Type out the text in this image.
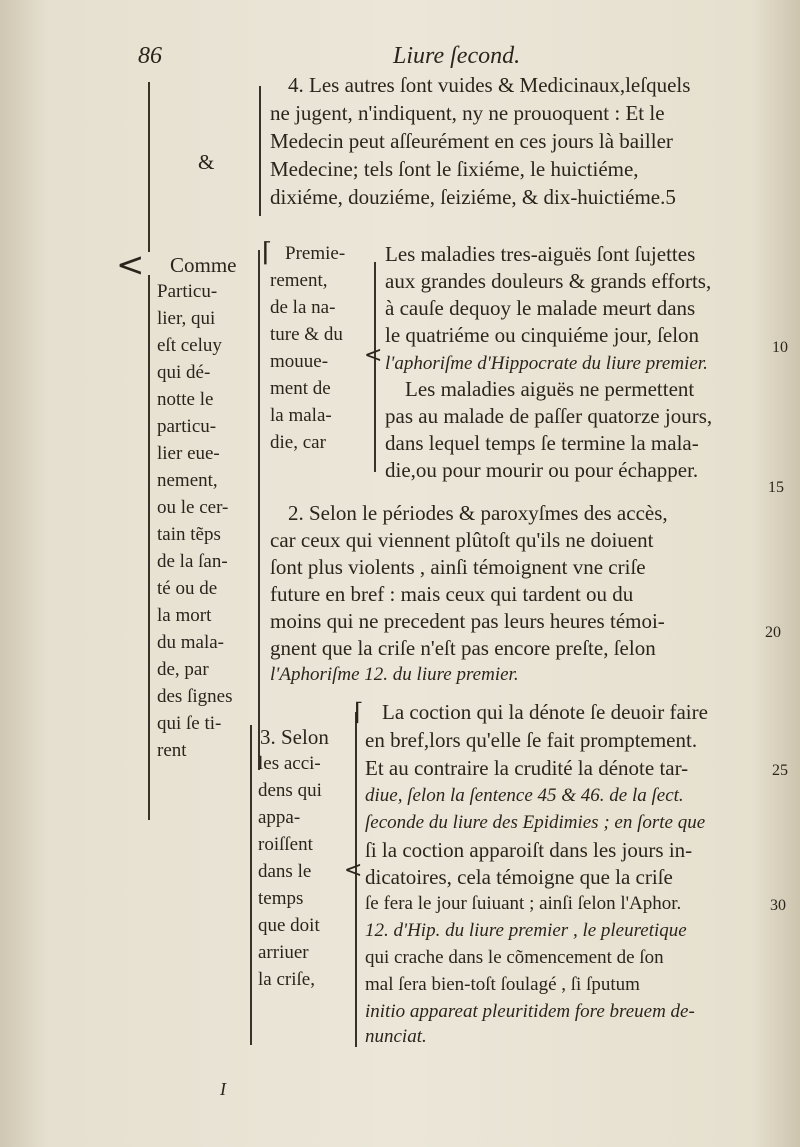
86	Liure ſecond.
<
&
4. Les autres ſont vuides & Medicinaux,leſquels
ne jugent, n'indiquent, ny ne prouoquent : Et le
Medecin peut aſſeurément en ces jours là bailler
Medecine; tels ſont le ſixiéme, le huictiéme,
dixiéme, douziéme, ſeiziéme, & dix-huictiéme.5
Comme
Particu-
lier, qui
eſt celuy
qui dé-
notte le
particu-
lier eue-
nement,
ou le cer-
tain tẽps
de la ſan-
té ou de
la mort
du mala-
de, par
des ſignes
qui ſe ti-
rent
⌈ Premie-
rement,
de la na-
ture & du
mouue-
ment de
la mala-
die, car
<
Les maladies tres-aiguës ſont ſujettes
aux grandes douleurs & grands efforts,
à cauſe dequoy le malade meurt dans
le quatriéme ou cinquiéme jour, ſelon
l'aphoriſme d'Hippocrate du liure premier.
Les maladies aiguës ne permettent
pas au malade de paſſer quatorze jours,
dans lequel temps ſe termine la mala-
die,ou pour mourir ou pour échapper.
2. Selon le périodes & paroxyſmes des accès,
car ceux qui viennent plûtoſt qu'ils ne doiuent
ſont plus violents , ainſi témoignent vne criſe
future en bref : mais ceux qui tardent ou du
moins qui ne precedent pas leurs heures témoi-
gnent que la criſe n'eſt pas encore preſte, ſelon
l'Aphoriſme 12. du liure premier.
3. Selon
les acci-
dens qui
appa-
roiſſent
dans le
temps
que doit
arriuer
la criſe,
<
⌈ La coction qui la dénote ſe deuoir faire
en bref,lors qu'elle ſe fait promptement.
Et au contraire la crudité la dénote tar-
diue, ſelon la ſentence 45 & 46. de la ſect.
ſeconde du liure des Epidimies ; en ſorte que
ſi la coction apparoiſt dans les jours in-
dicatoires, cela témoigne que la criſe
ſe fera le jour ſuiuant ; ainſi ſelon l'Aphor.
12. d'Hip. du liure premier , le pleuretique
qui crache dans le cõmencement de ſon
mal ſera bien-toſt ſoulagé , ſi ſputum
initio appareat pleuritidem fore breuem de-
nunciat.
10
15
20
25
30
I
